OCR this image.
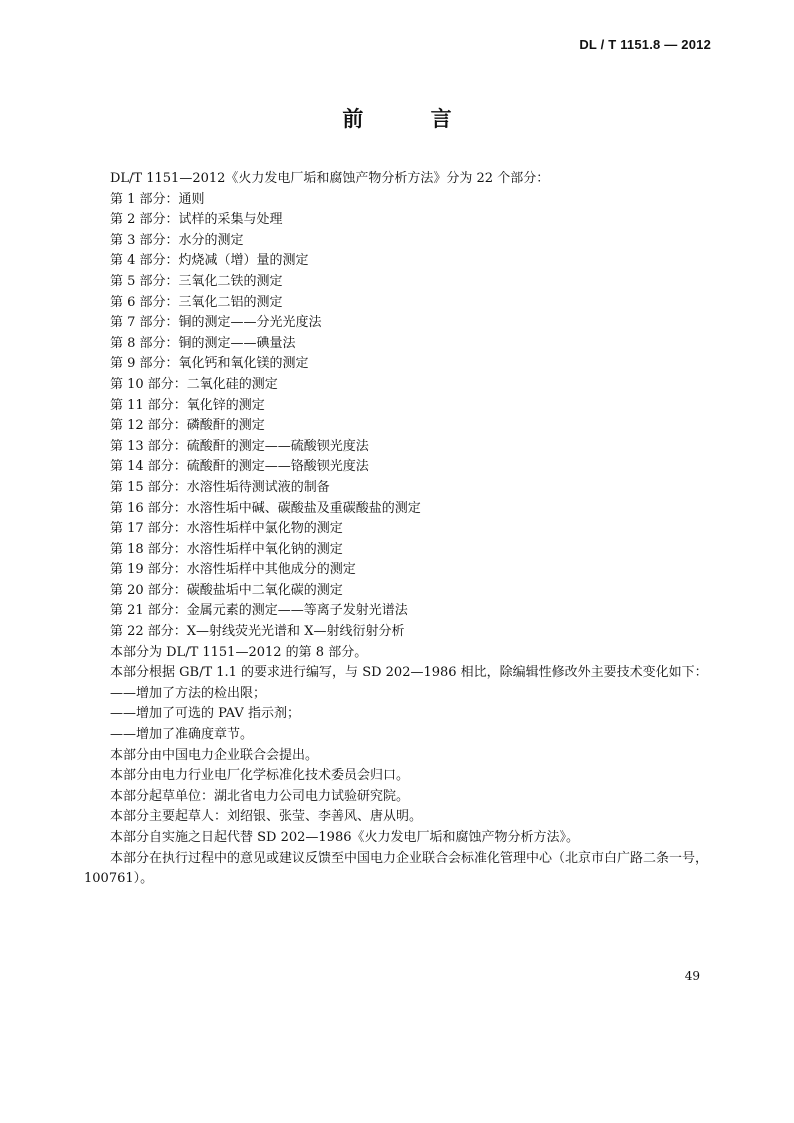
DL / T 1151.8 — 2012
前 言
DL/T 1151—2012《火力发电厂垢和腐蚀产物分析方法》分为 22 个部分：
第 1 部分：通则
第 2 部分：试样的采集与处理
第 3 部分：水分的测定
第 4 部分：灼烧减（增）量的测定
第 5 部分：三氧化二铁的测定
第 6 部分：三氧化二铝的测定
第 7 部分：铜的测定——分光光度法
第 8 部分：铜的测定——碘量法
第 9 部分：氧化钙和氧化镁的测定
第 10 部分：二氧化硅的测定
第 11 部分：氧化锌的测定
第 12 部分：磷酸酐的测定
第 13 部分：硫酸酐的测定——硫酸钡光度法
第 14 部分：硫酸酐的测定——铬酸钡光度法
第 15 部分：水溶性垢待测试液的制备
第 16 部分：水溶性垢中碱、碳酸盐及重碳酸盐的测定
第 17 部分：水溶性垢样中氯化物的测定
第 18 部分：水溶性垢样中氧化钠的测定
第 19 部分：水溶性垢样中其他成分的测定
第 20 部分：碳酸盐垢中二氧化碳的测定
第 21 部分：金属元素的测定——等离子发射光谱法
第 22 部分：X—射线荧光光谱和 X—射线衍射分析
本部分为 DL/T 1151—2012 的第 8 部分。
本部分根据 GB/T 1.1 的要求进行编写，与 SD 202—1986 相比，除编辑性修改外主要技术变化如下：
——增加了方法的检出限；
——增加了可选的 PAV 指示剂；
——增加了准确度章节。
本部分由中国电力企业联合会提出。
本部分由电力行业电厂化学标准化技术委员会归口。
本部分起草单位：湖北省电力公司电力试验研究院。
本部分主要起草人：刘绍银、张莹、李善风、唐从明。
本部分自实施之日起代替 SD 202—1986《火力发电厂垢和腐蚀产物分析方法》。
本部分在执行过程中的意见或建议反馈至中国电力企业联合会标准化管理中心（北京市白广路二条一号，100761）。
49
